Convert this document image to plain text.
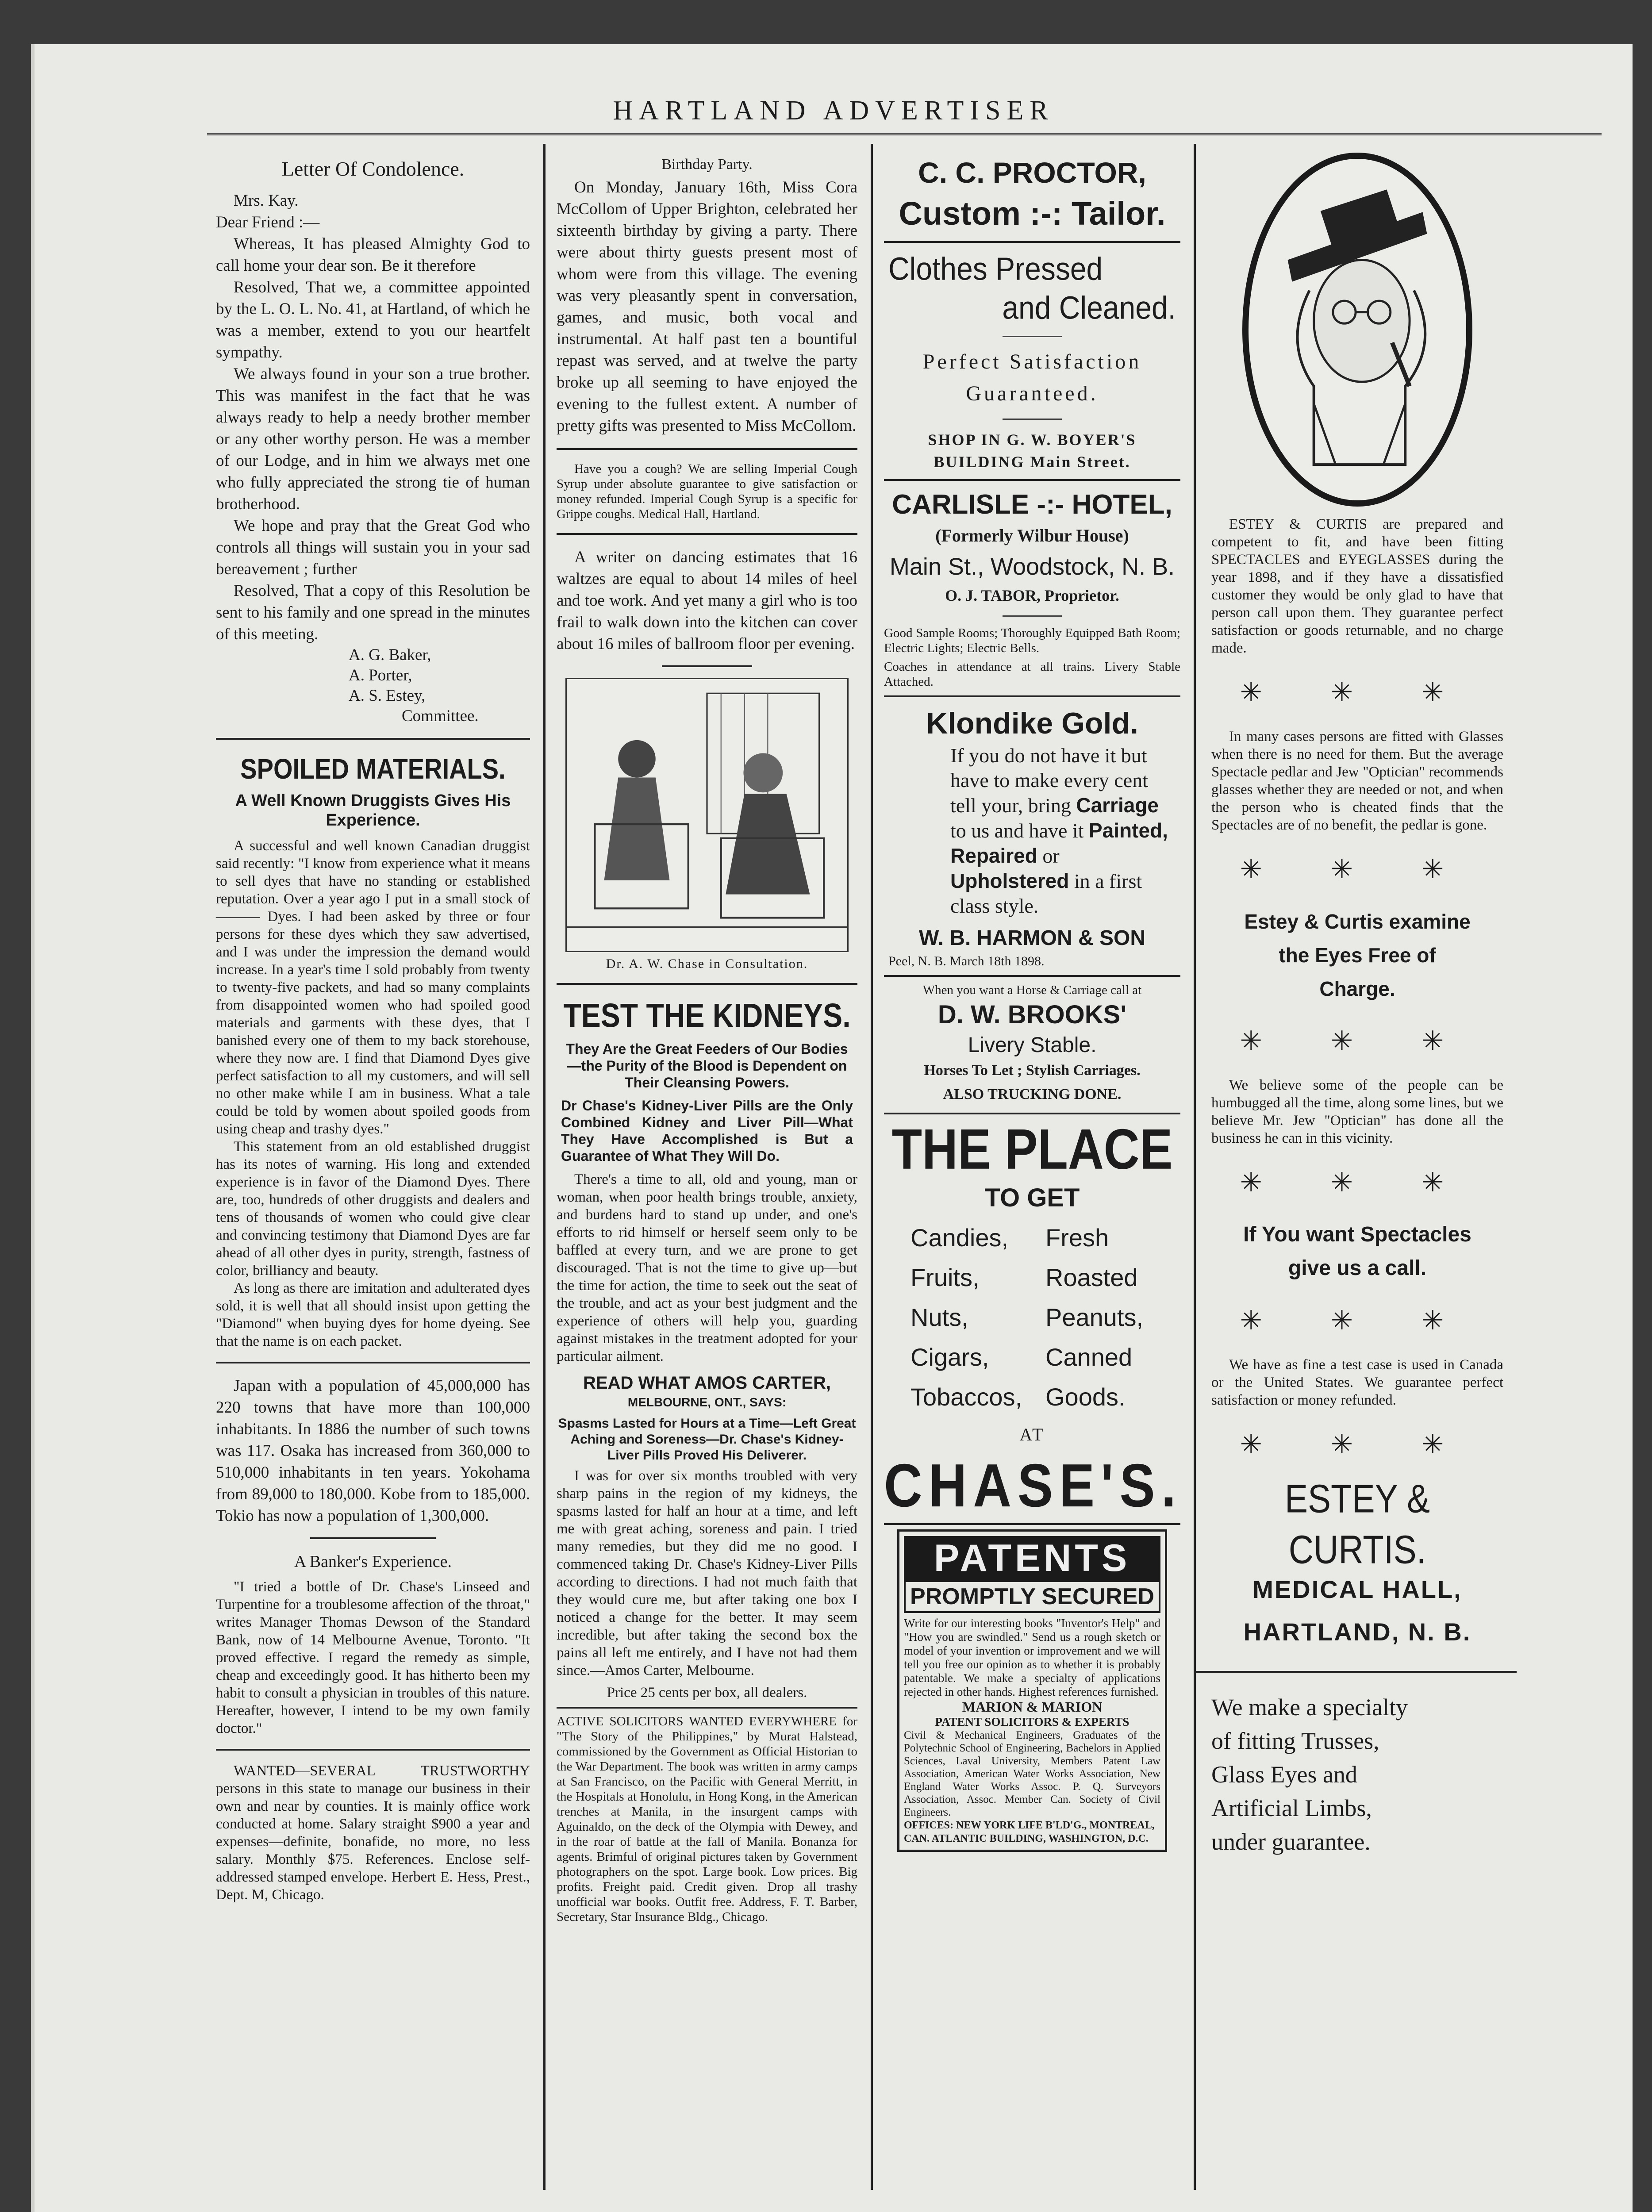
HARTLAND ADVERTISER
Letter Of Condolence.

Mrs. Kay.

Dear Friend :—

Whereas, It has pleased Almighty God to call home your dear son. Be it therefore

Resolved, That we, a committee appointed by the L. O. L. No. 41, at Hartland, of which he was a member, extend to you our heartfelt sympathy.

We always found in your son a true brother. This was manifest in the fact that he was always ready to help a needy brother member or any other worthy person. He was a member of our Lodge, and in him we always met one who fully appreciated the strong tie of human brotherhood.

We hope and pray that the Great God who controls all things will sustain you in your sad bereavement ; further

Resolved, That a copy of this Resolution be sent to his family and one spread in the minutes of this meeting.

A. G. Baker,

A. Porter,

A. S. Estey,

Committee.

SPOILED MATERIALS.
A Well Known Druggists Gives His Experience.

A successful and well known Canadian druggist said recently: "I know from experience what it means to sell dyes that have no standing or established reputation. Over a year ago I put in a small stock of——— Dyes. I had been asked by three or four persons for these dyes which they saw advertised, and I was under the impression the demand would increase. In a year's time I sold probably from twenty to twenty-five packets, and had so many complaints from disappointed women who had spoiled good materials and garments with these dyes, that I banished every one of them to my back storehouse, where they now are. I find that Diamond Dyes give perfect satisfaction to all my customers, and will sell no other make while I am in business. What a tale could be told by women about spoiled goods from using cheap and trashy dyes."

This statement from an old established druggist has its notes of warning. His long and extended experience is in favor of the Diamond Dyes. There are, too, hundreds of other druggists and dealers and tens of thousands of women who could give clear and convincing testimony that Diamond Dyes are far ahead of all other dyes in purity, strength, fastness of color, brilliancy and beauty.

As long as there are imitation and adulterated dyes sold, it is well that all should insist upon getting the "Diamond" when buying dyes for home dyeing. See that the name is on each packet.

Japan with a population of 45,000,000 has 220 towns that have more than 100,000 inhabitants. In 1886 the number of such towns was 117. Osaka has increased from 360,000 to 510,000 inhabitants in ten years. Yokohama from 89,000 to 180,000. Kobe from to 185,000. Tokio has now a population of 1,300,000.

A Banker's Experience.

"I tried a bottle of Dr. Chase's Linseed and Turpentine for a troublesome affection of the throat," writes Manager Thomas Dewson of the Standard Bank, now of 14 Melbourne Avenue, Toronto. "It proved effective. I regard the remedy as simple, cheap and exceedingly good. It has hitherto been my habit to consult a physician in troubles of this nature. Hereafter, however, I intend to be my own family doctor."

WANTED—SEVERAL TRUSTWORTHY persons in this state to manage our business in their own and near by counties. It is mainly office work conducted at home. Salary straight $900 a year and expenses—definite, bonafide, no more, no less salary. Monthly $75. References. Enclose self-addressed stamped envelope. Herbert E. Hess, Prest., Dept. M, Chicago.

Birthday Party.

On Monday, January 16th, Miss Cora McCollom of Upper Brighton, celebrated her sixteenth birthday by giving a party. There were about thirty guests present most of whom were from this village. The evening was very pleasantly spent in conversation, games, and music, both vocal and instrumental. At half past ten a bountiful repast was served, and at twelve the party broke up all seeming to have enjoyed the evening to the fullest extent. A number of pretty gifts was presented to Miss McCollom.

Have you a cough? We are selling Imperial Cough Syrup under absolute guarantee to give satisfaction or money refunded. Imperial Cough Syrup is a specific for Grippe coughs. Medical Hall, Hartland.

A writer on dancing estimates that 16 waltzes are equal to about 14 miles of heel and toe work. And yet many a girl who is too frail to walk down into the kitchen can cover about 16 miles of ballroom floor per evening.

Dr. A. W. Chase in Consultation.
TEST THE KIDNEYS.
They Are the Great Feeders of Our Bodies—the Purity of the Blood is Dependent on Their Cleansing Powers.
Dr Chase's Kidney-Liver Pills are the Only Combined Kidney and Liver Pill—What They Have Accomplished is But a Guarantee of What They Will Do.

There's a time to all, old and young, man or woman, when poor health brings trouble, anxiety, and burdens hard to stand up under, and one's efforts to rid himself or herself seem only to be baffled at every turn, and we are prone to get discouraged. That is not the time to give up—but the time for action, the time to seek out the seat of the trouble, and act as your best judgment and the experience of others will help you, guarding against mistakes in the treatment adopted for your particular ailment.

READ WHAT AMOS CARTER,
MELBOURNE, ONT., SAYS:
Spasms Lasted for Hours at a Time—Left Great Aching and Soreness—Dr. Chase's Kidney-Liver Pills Proved His Deliverer.

I was for over six months troubled with very sharp pains in the region of my kidneys, the spasms lasted for half an hour at a time, and left me with great aching, soreness and pain. I tried many remedies, but they did me no good. I commenced taking Dr. Chase's Kidney-Liver Pills according to directions. I had not much faith that they would cure me, but after taking one box I noticed a change for the better. It may seem incredible, but after taking the second box the pains all left me entirely, and I have not had them since.—Amos Carter, Melbourne.

Price 25 cents per box, all dealers.

ACTIVE SOLICITORS WANTED EVERYWHERE for "The Story of the Philippines," by Murat Halstead, commissioned by the Government as Official Historian to the War Department. The book was written in army camps at San Francisco, on the Pacific with General Merritt, in the Hospitals at Honolulu, in Hong Kong, in the American trenches at Manila, in the insurgent camps with Aguinaldo, on the deck of the Olympia with Dewey, and in the roar of battle at the fall of Manila. Bonanza for agents. Brimful of original pictures taken by Government photographers on the spot. Large book. Low prices. Big profits. Freight paid. Credit given. Drop all trashy unofficial war books. Outfit free. Address, F. T. Barber, Secretary, Star Insurance Bldg., Chicago.

C. C. PROCTOR,
Custom :-: Tailor.
Clothes Pressed
and Cleaned.
Perfect Satisfaction
Guaranteed.
SHOP IN G. W. BOYER'S
BUILDING Main Street.
CARLISLE -:- HOTEL,
(Formerly Wilbur House)
Main St., Woodstock, N. B.
O. J. TABOR, Proprietor.

Good Sample Rooms; Thoroughly Equipped Bath Room; Electric Lights; Electric Bells.

Coaches in attendance at all trains. Livery Stable Attached.

Klondike Gold.
If you do not have it but have to make every cent tell your, bring Carriage to us and have it Painted, Repaired or Upholstered in a first class style.
W. B. HARMON & SON
Peel, N. B. March 18th 1898.
When you want a Horse & Carriage call at
D. W. BROOKS'
Livery Stable.
Horses To Let ; Stylish Carriages.
ALSO TRUCKING DONE.
THE PLACE
TO GET
Candies,
Fruits,
Nuts,
Cigars,
Tobaccos,
Fresh
Roasted
Peanuts,
Canned
Goods.
AT
CHASE'S.
PATENTS
PROMPTLY SECURED

Write for our interesting books "Inventor's Help" and "How you are swindled." Send us a rough sketch or model of your invention or improvement and we will tell you free our opinion as to whether it is probably patentable. We make a specialty of applications rejected in other hands. Highest references furnished.

MARION & MARION
PATENT SOLICITORS & EXPERTS

Civil & Mechanical Engineers, Graduates of the Polytechnic School of Engineering, Bachelors in Applied Sciences, Laval University, Members Patent Law Association, American Water Works Association, New England Water Works Assoc. P. Q. Surveyors Association, Assoc. Member Can. Society of Civil Engineers.

OFFICES: NEW YORK LIFE B'LD'G., MONTREAL, CAN. ATLANTIC BUILDING, WASHINGTON, D.C.

ESTEY & CURTIS are prepared and competent to fit, and have been fitting SPECTACLES and EYEGLASSES during the year 1898, and if they have a dissatisfied customer they would be only glad to have that person call upon them. They guarantee perfect satisfaction or goods returnable, and no charge made.

✳ ✳ ✳

In many cases persons are fitted with Glasses when there is no need for them. But the average Spectacle pedlar and Jew "Optician" recommends glasses whether they are needed or not, and when the person who is cheated finds that the Spectacles are of no benefit, the pedlar is gone.

✳ ✳ ✳
Estey & Curtis examine
the Eyes Free of
Charge.
✳ ✳ ✳

We believe some of the people can be humbugged all the time, along some lines, but we believe Mr. Jew "Optician" has done all the business he can in this vicinity.

✳ ✳ ✳
If You want Spectacles
give us a call.
✳ ✳ ✳

We have as fine a test case is used in Canada or the United States. We guarantee perfect satisfaction or money refunded.

✳ ✳ ✳
ESTEY & CURTIS.
MEDICAL HALL,
HARTLAND, N. B.

We make a specialty of fitting Trusses, Glass Eyes and Artificial Limbs, under guarantee.
